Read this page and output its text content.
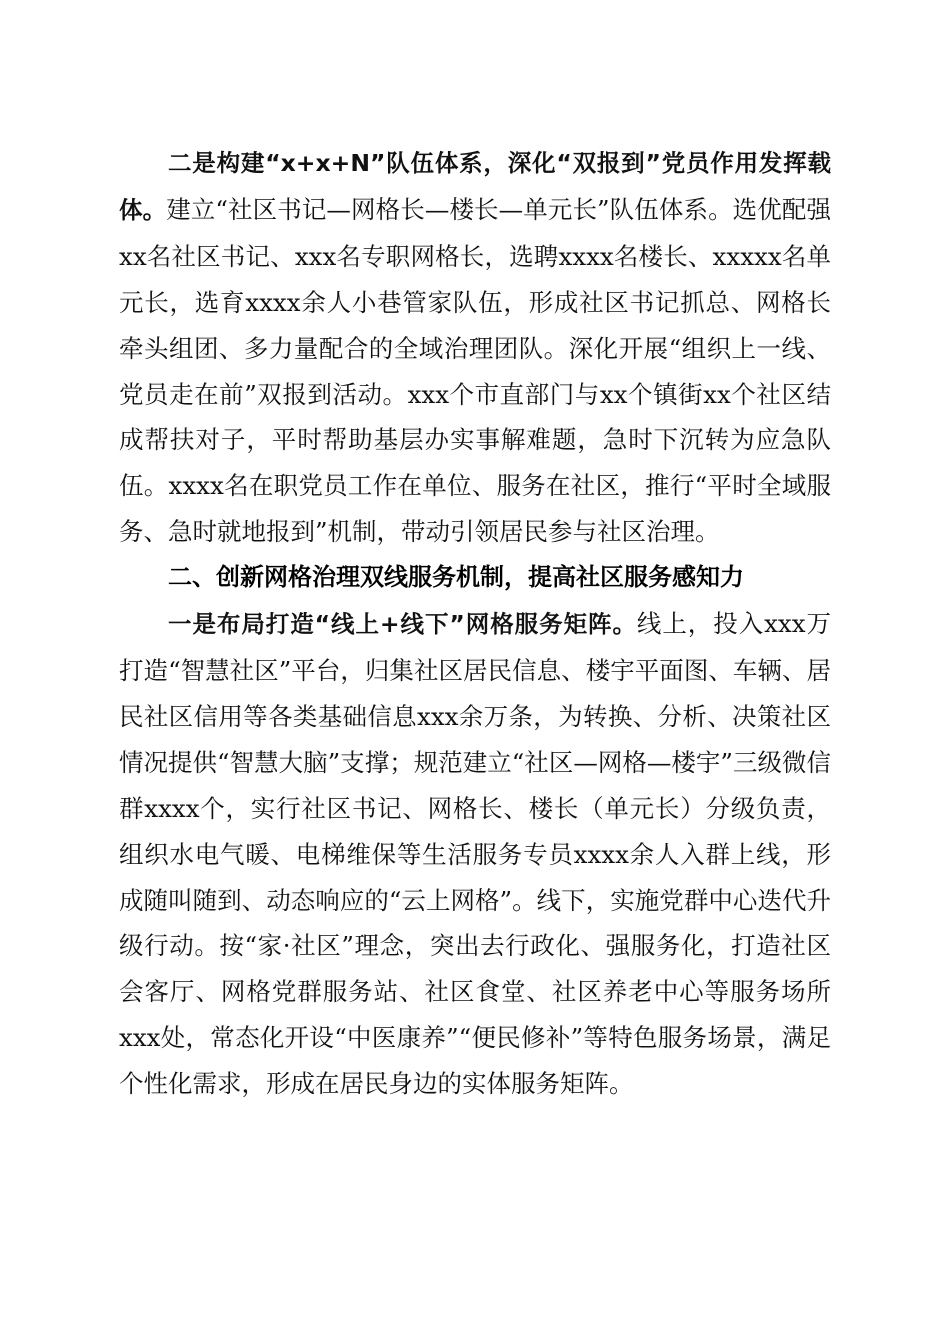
二是构建“x+x+N”队伍体系，深化“双报到”党员作用发挥载体。建立“社区书记—网格长—楼长—单元长”队伍体系。选优配强xx名社区书记、xxx名专职网格长，选聘xxxx名楼长、xxxxx名单元长，选育xxxx余人小巷管家队伍，形成社区书记抓总、网格长牵头组团、多力量配合的全域治理团队。深化开展“组织上一线、党员走在前”双报到活动。xxx个市直部门与xx个镇街xx个社区结成帮扶对子，平时帮助基层办实事解难题，急时下沉转为应急队伍。xxxx名在职党员工作在单位、服务在社区，推行“平时全域服务、急时就地报到”机制，带动引领居民参与社区治理。

二、创新网格治理双线服务机制，提高社区服务感知力

一是布局打造“线上+线下”网格服务矩阵。线上，投入xxx万打造“智慧社区”平台，归集社区居民信息、楼宇平面图、车辆、居民社区信用等各类基础信息xxx余万条，为转换、分析、决策社区情况提供“智慧大脑”支撑；规范建立“社区—网格—楼宇”三级微信群xxxx个，实行社区书记、网格长、楼长（单元长）分级负责，组织水电气暖、电梯维保等生活服务专员xxxx余人入群上线，形成随叫随到、动态响应的“云上网格”。线下，实施党群中心迭代升级行动。按“家·社区”理念，突出去行政化、强服务化，打造社区会客厅、网格党群服务站、社区食堂、社区养老中心等服务场所xxx处，常态化开设“中医康养”“便民修补”等特色服务场景，满足个性化需求，形成在居民身边的实体服务矩阵。
